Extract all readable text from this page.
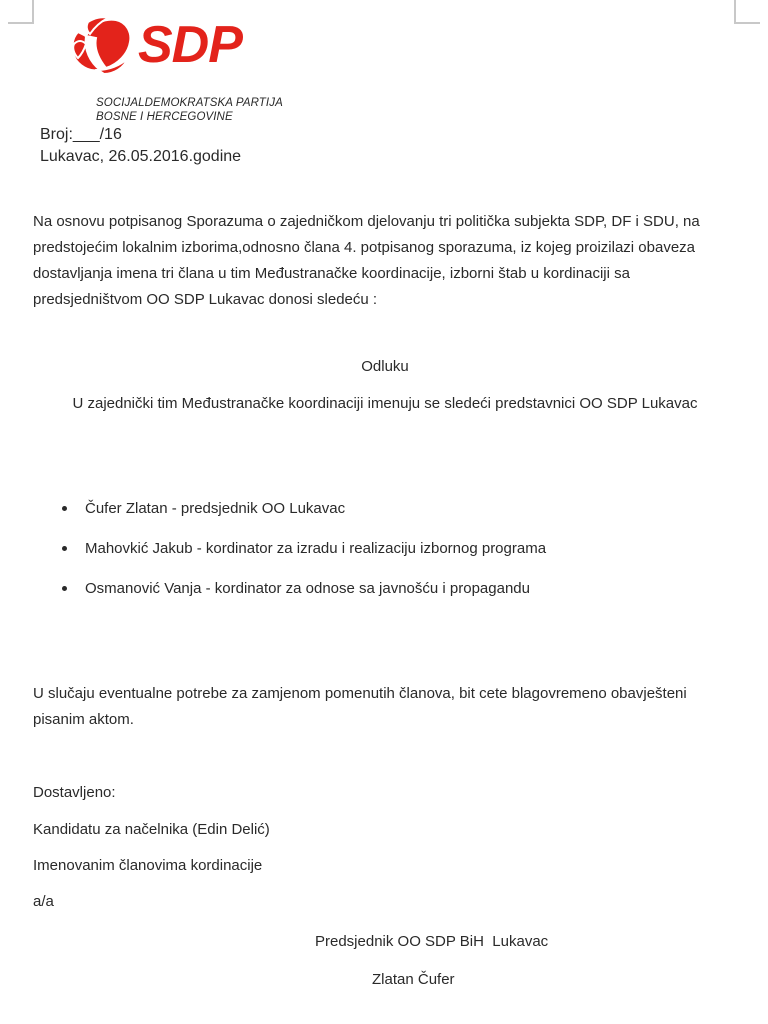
SDP
SOCIJALDEMOKRATSKA PARTIJA
BOSNE I HERCEGOVINE
Broj:___/16
Lukavac, 26.05.2016.godine
Na osnovu potpisanog Sporazuma o zajedničkom djelovanju tri politička subjekta SDP, DF i SDU, na predstojećim lokalnim izborima,odnosno člana 4. potpisanog sporazuma, iz kojeg proizilazi obaveza dostavljanja imena tri člana u tim Međustranačke koordinacije, izborni štab u kordinaciji sa predsjedništvom OO SDP Lukavac donosi sledeću :
Odluku
U zajednički tim Međustranačke koordinaciji imenuju se sledeći predstavnici OO SDP Lukavac
Čufer Zlatan - predsjednik OO Lukavac
Mahovkić Jakub - kordinator za izradu i realizaciju izbornog programa
Osmanović Vanja - kordinator za odnose sa javnošću i propagandu
U slučaju eventualne potrebe za zamjenom pomenutih članova, bit cete blagovremeno obavješteni pisanim aktom.
Dostavljeno:
Kandidatu za načelnika (Edin Delić)
Imenovanim članovima kordinacije
a/a
Predsjednik OO SDP BiH  Lukavac
Zlatan Čufer
